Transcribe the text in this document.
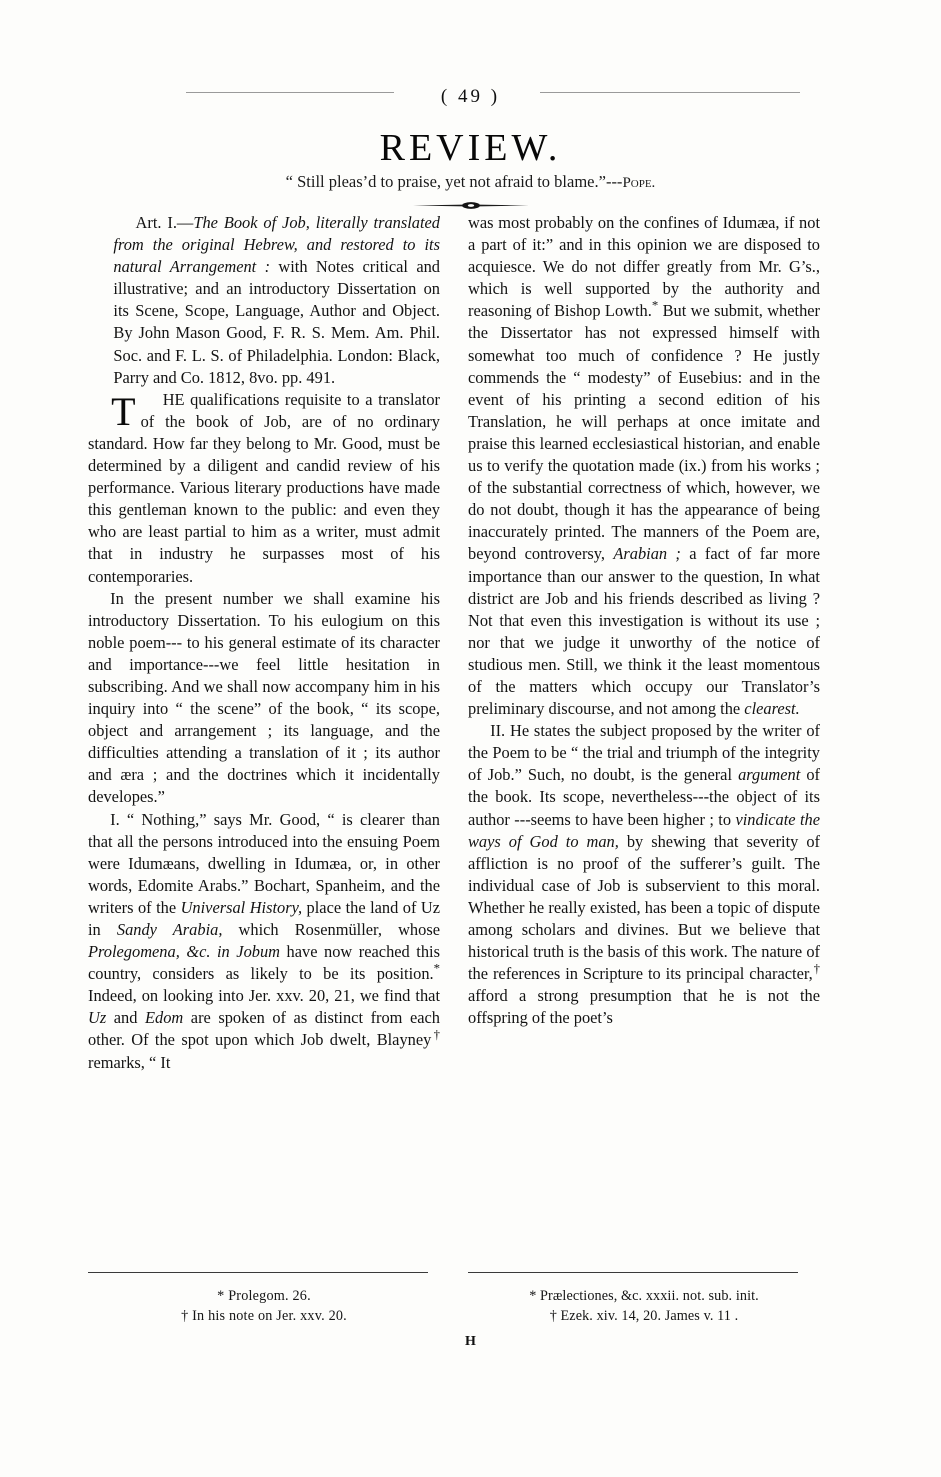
( 49 )
REVIEW.
“ Still pleas’d to praise, yet not afraid to blame.”---Pope.

Art. I.—The Book of Job, literally translated from the original Hebrew, and restored to its natural Arrangement : with Notes critical and illustrative; and an introductory Dissertation on its Scene, Scope, Language, Author and Object. By John Mason Good, F. R. S. Mem. Am. Phil. Soc. and F. L. S. of Philadelphia. London: Black, Parry and Co. 1812, 8vo. pp. 491.

T	HE qualifications requisite to a translator of the book of Job, are of no ordinary standard. How far they belong to Mr. Good, must be determined by a diligent and candid review of his performance. Various literary productions have made this gentleman known to the public: and even they who are least partial to him as a writer, must admit that in industry he surpasses most of his contemporaries.

In the present number we shall examine his introductory Dissertation. To his eulogium on this noble poem--- to his general estimate of its character and importance---we feel little hesitation in subscribing. And we shall now accompany him in his inquiry into “ the scene” of the book, “ its scope, object and arrangement ; its language, and the difficulties attending a translation of it ; its author and æra ; and the doctrines which it incidentally developes.”

I. “ Nothing,” says Mr. Good, “ is clearer than that all the persons introduced into the ensuing Poem were Idumæans, dwelling in Idumæa, or, in other words, Edomite Arabs.” Bochart, Spanheim, and the writers of the Universal History, place the land of Uz in Sandy Arabia, which Rosenmüller, whose Prolegomena, &c. in Jobum have now reached this country, considers as likely to be its position.* Indeed, on looking into Jer. xxv. 20, 21, we find that Uz and Edom are spoken of as distinct from each other. Of the spot upon which Job dwelt, Blayney† remarks, “ It

was most probably on the confines of Idumæa, if not a part of it:” and in this opinion we are disposed to acquiesce. We do not differ greatly from Mr. G’s., which is well supported by the authority and reasoning of Bishop Lowth.* But we submit, whether the Dissertator has not expressed himself with somewhat too much of confidence ? He justly commends the “ modesty” of Eusebius: and in the event of his printing a second edition of his Translation, he will perhaps at once imitate and praise this learned ecclesiastical historian, and enable us to verify the quotation made (ix.) from his works ; of the substantial correctness of which, however, we do not doubt, though it has the appearance of being inaccurately printed. The manners of the Poem are, beyond controversy, Arabian ; a fact of far more importance than our answer to the question, In what district are Job and his friends described as living ? Not that even this investigation is without its use ; nor that we judge it unworthy of the notice of studious men. Still, we think it the least momentous of the matters which occupy our Translator’s preliminary discourse, and not among the clearest.

II. He states the subject proposed by the writer of the Poem to be “ the trial and triumph of the integrity of Job.” Such, no doubt, is the general argument of the book. Its scope, nevertheless---the object of its author ---seems to have been higher ; to vindicate the ways of God to man, by shewing that severity of affliction is no proof of the sufferer’s guilt. The individual case of Job is subservient to this moral. Whether he really existed, has been a topic of dispute among scholars and divines. But we believe that historical truth is the basis of this work. The nature of the references in Scripture to its principal character,† afford a strong presumption that he is not the offspring of the poet’s

* Prolegom. 26.
† In his note on Jer. xxv. 20.
* Prælectiones, &c. xxxii. not. sub. init.
† Ezek. xiv. 14, 20. James v. 11 .
H
